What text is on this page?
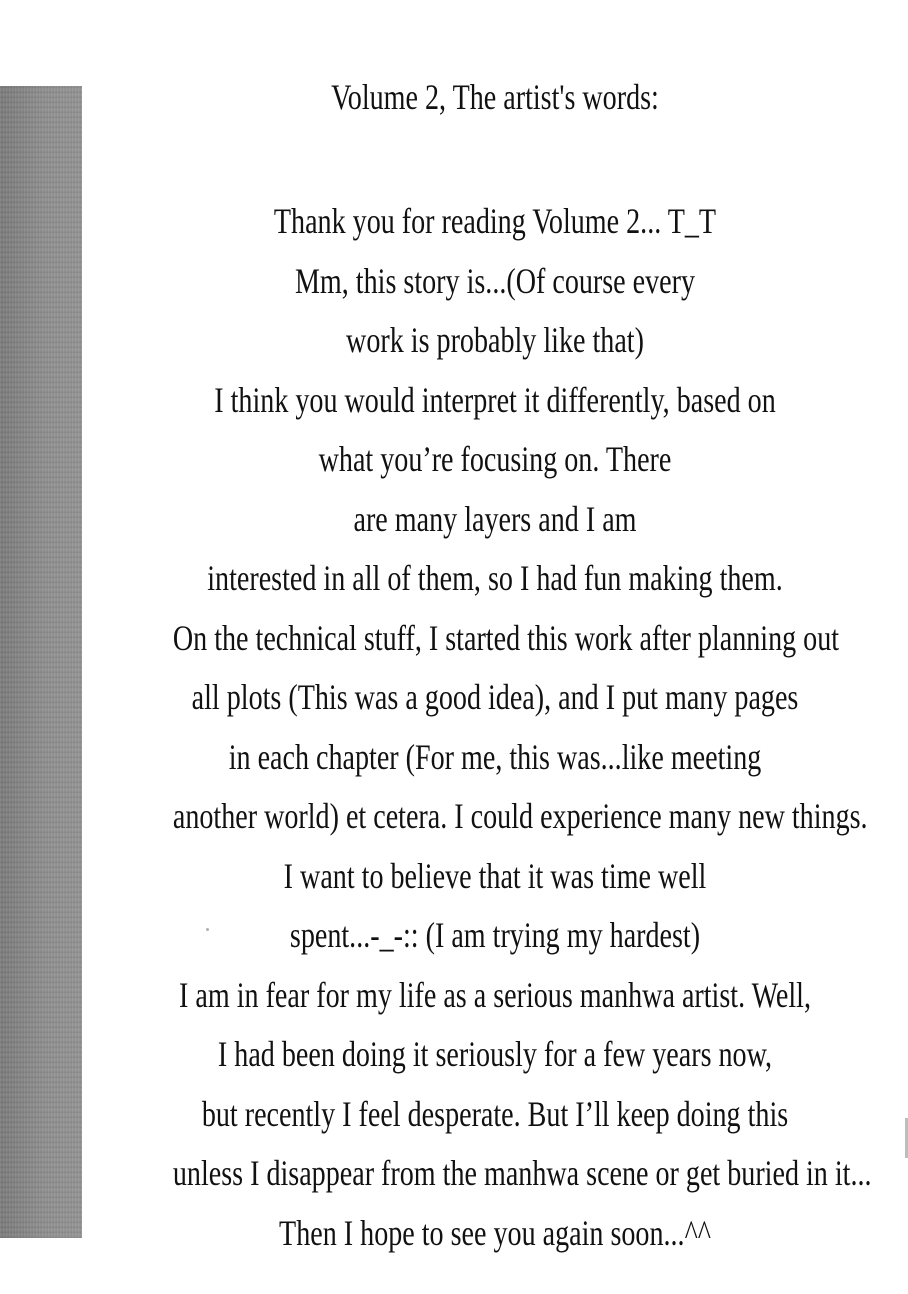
Volume 2, The artist's words:
Thank you for reading Volume 2... T_T
Mm, this story is...(Of course every
work is probably like that)
I think you would interpret it differently, based on
what you’re focusing on. There
are many layers and I am
interested in all of them, so I had fun making them.
On the technical stuff, I started this work after planning out
all plots (This was a good idea), and I put many pages
in each chapter (For me, this was...like meeting
another world) et cetera. I could experience many new things.
I want to believe that it was time well
spent...-_-:: (I am trying my hardest)
I am in fear for my life as a serious manhwa artist. Well,
I had been doing it seriously for a few years now,
but recently I feel desperate. But I’ll keep doing this
unless I disappear from the manhwa scene or get buried in it...
Then I hope to see you again soon...^^
